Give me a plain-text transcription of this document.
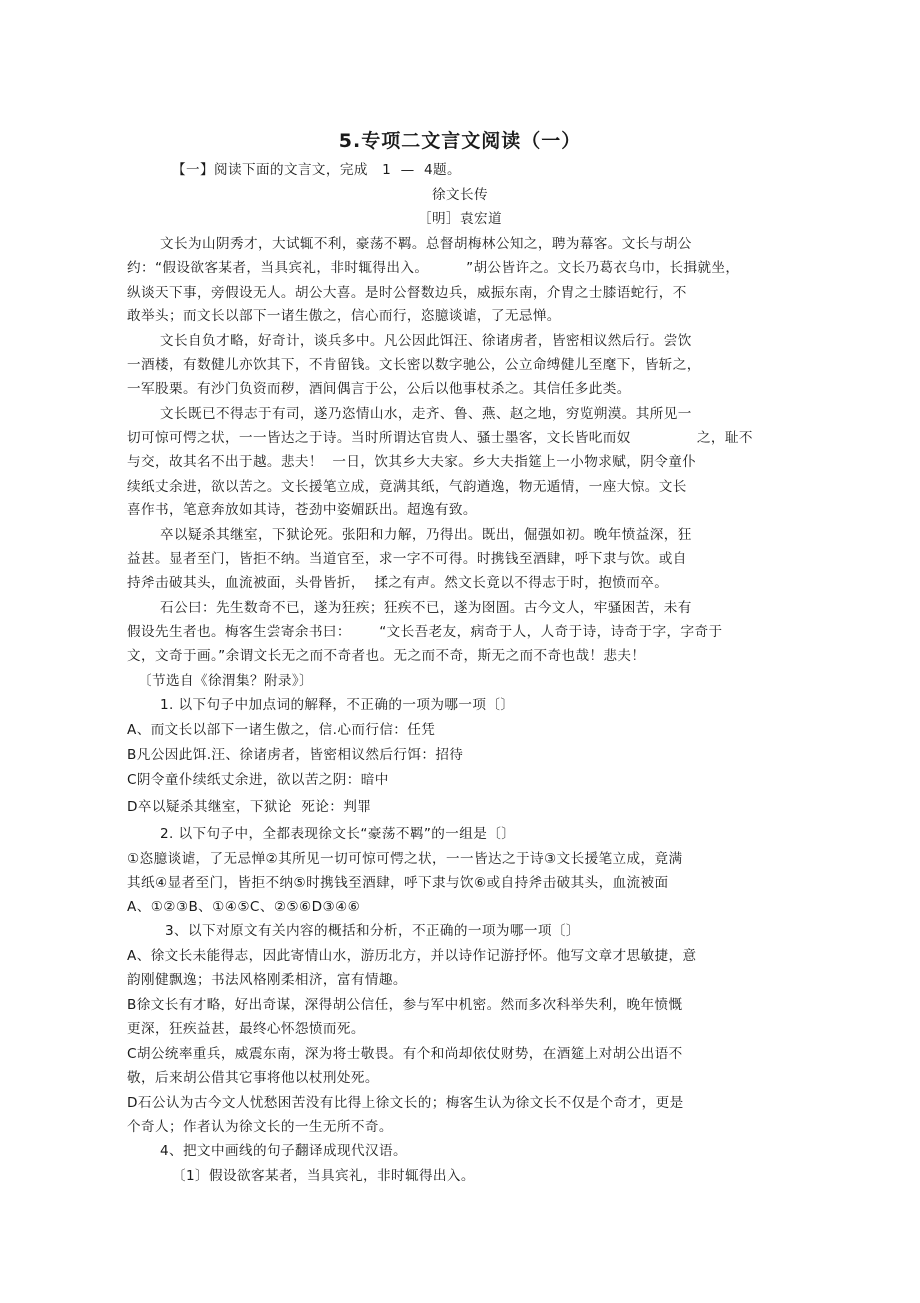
5.专项二文言文阅读（一）
【一】阅读下面的文言文，完成   1  —  4题。
徐文长传
［明］袁宏道
文长为山阴秀才，大试辄不利，豪荡不羁。总督胡梅林公知之，聘为幕客。文长与胡公
约：“假设欲客某者，当具宾礼，非时辄得出入。        ”胡公皆许之。文长乃葛衣乌巾，长揖就坐，
纵谈天下事，旁假设无人。胡公大喜。是时公督数边兵，威振东南，介胄之士膝语蛇行，不
敢举头；而文长以部下一诸生傲之，信心而行，恣臆谈谑，了无忌惮。
文长自负才略，好奇计，谈兵多中。凡公因此饵汪、徐诸虏者，皆密相议然后行。尝饮
一酒楼，有数健儿亦饮其下，不肯留钱。文长密以数字驰公，公立命缚健儿至麾下，皆斩之，
一军股栗。有沙门负资而秽，酒间偶言于公，公后以他事杖杀之。其信任多此类。
文长既已不得志于有司，遂乃恣情山水，走齐、鲁、燕、赵之地，穷览朔漠。其所见一
切可惊可愕之状，一一皆达之于诗。当时所谓达官贵人、骚士墨客，文长皆叱而奴              之，耻不
与交，故其名不出于越。悲夫！  一日，饮其乡大夫家。乡大夫指筵上一小物求赋，阴令童仆
续纸丈余进，欲以苦之。文长援笔立成，竟满其纸，气韵遒逸，物无遁情，一座大惊。文长
喜作书，笔意奔放如其诗，苍劲中姿媚跃出。超逸有致。
卒以疑杀其继室，下狱论死。张阳和力解，乃得出。既出，倔强如初。晚年愤益深，狂
益甚。显者至门，皆拒不纳。当道官至，求一字不可得。时携钱至酒肆，呼下隶与饮。或自
持斧击破其头，血流被面，头骨皆折，  揉之有声。然文长竟以不得志于时，抱愤而卒。
石公曰：先生数奇不已，遂为狂疾；狂疾不已，遂为囹圄。古今文人，牢骚困苦，未有
假设先生者也。梅客生尝寄余书曰：      “文长吾老友，病奇于人，人奇于诗，诗奇于字，字奇于
文，文奇于画。”余谓文长无之而不奇者也。无之而不奇，斯无之而不奇也哉！悲夫！
〔节选自《徐渭集？附录》〕
1. 以下句子中加点词的解释，不正确的一项为哪一项〔〕
A、而文长以部下一诸生傲之，信.心而行信：任凭
B凡公因此饵.汪、徐诸虏者，皆密相议然后行饵：招待
C阴令童仆续纸丈余进，欲以苦之阴：暗中
D卒以疑杀其继室，下狱论  死论：判罪
2. 以下句子中，全都表现徐文长“豪荡不羁”的一组是〔〕
①恣臆谈谑，了无忌惮②其所见一切可惊可愕之状，一一皆达之于诗③文长援笔立成，竟满
其纸④显者至门，皆拒不纳⑤时携钱至酒肆，呼下隶与饮⑥或自持斧击破其头，血流被面
A、①②③B、①④⑤C、②⑤⑥D③④⑥
3、以下对原文有关内容的概括和分析，不正确的一项为哪一项〔〕
A、徐文长未能得志，因此寄情山水，游历北方，并以诗作记游抒怀。他写文章才思敏捷，意
韵刚健飘逸；书法风格刚柔相济，富有情趣。
B徐文长有才略，好出奇谋，深得胡公信任，参与军中机密。然而多次科举失利，晚年愤慨
更深，狂疾益甚，最终心怀怨愤而死。
C胡公统率重兵，威震东南，深为将士敬畏。有个和尚却依仗财势，在酒筵上对胡公出语不
敬，后来胡公借其它事将他以杖刑处死。
D石公认为古今文人忧愁困苦没有比得上徐文长的；梅客生认为徐文长不仅是个奇才，更是
个奇人；作者认为徐文长的一生无所不奇。
4、把文中画线的句子翻译成现代汉语。
〔1〕假设欲客某者，当具宾礼，非时辄得出入。
